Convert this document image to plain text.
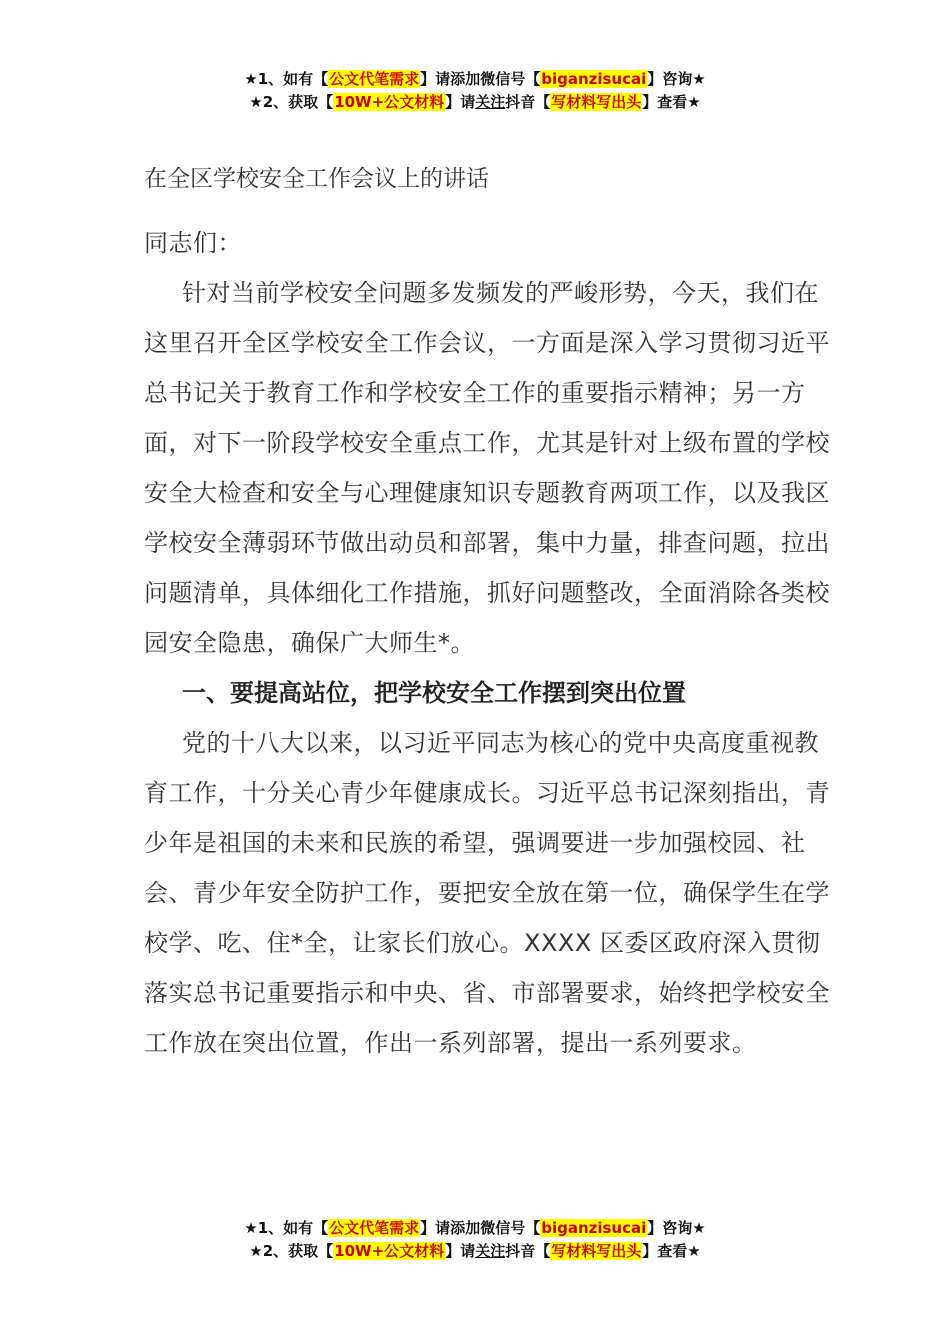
★1、如有【公文代笔需求】请添加微信号【biganzisucai】咨询★
★2、获取【10W+公文材料】请关注抖音【写材料写出头】查看★
在全区学校安全工作会议上的讲话

同志们：

针对当前学校安全问题多发频发的严峻形势，今天，我们在这里召开全区学校安全工作会议，一方面是深入学习贯彻习近平总书记关于教育工作和学校安全工作的重要指示精神；另一方面，对下一阶段学校安全重点工作，尤其是针对上级布置的学校安全大检查和安全与心理健康知识专题教育两项工作，以及我区学校安全薄弱环节做出动员和部署，集中力量，排查问题，拉出问题清单，具体细化工作措施，抓好问题整改，全面消除各类校园安全隐患，确保广大师生*。

一、要提高站位，把学校安全工作摆到突出位置

党的十八大以来，以习近平同志为核心的党中央高度重视教育工作，十分关心青少年健康成长。习近平总书记深刻指出，青少年是祖国的未来和民族的希望，强调要进一步加强校园、社会、青少年安全防护工作，要把安全放在第一位，确保学生在学校学、吃、住*全，让家长们放心。XXXX 区委区政府深入贯彻落实总书记重要指示和中央、省、市部署要求，始终把学校安全工作放在突出位置，作出一系列部署，提出一系列要求。

★1、如有【公文代笔需求】请添加微信号【biganzisucai】咨询★
★2、获取【10W+公文材料】请关注抖音【写材料写出头】查看★
